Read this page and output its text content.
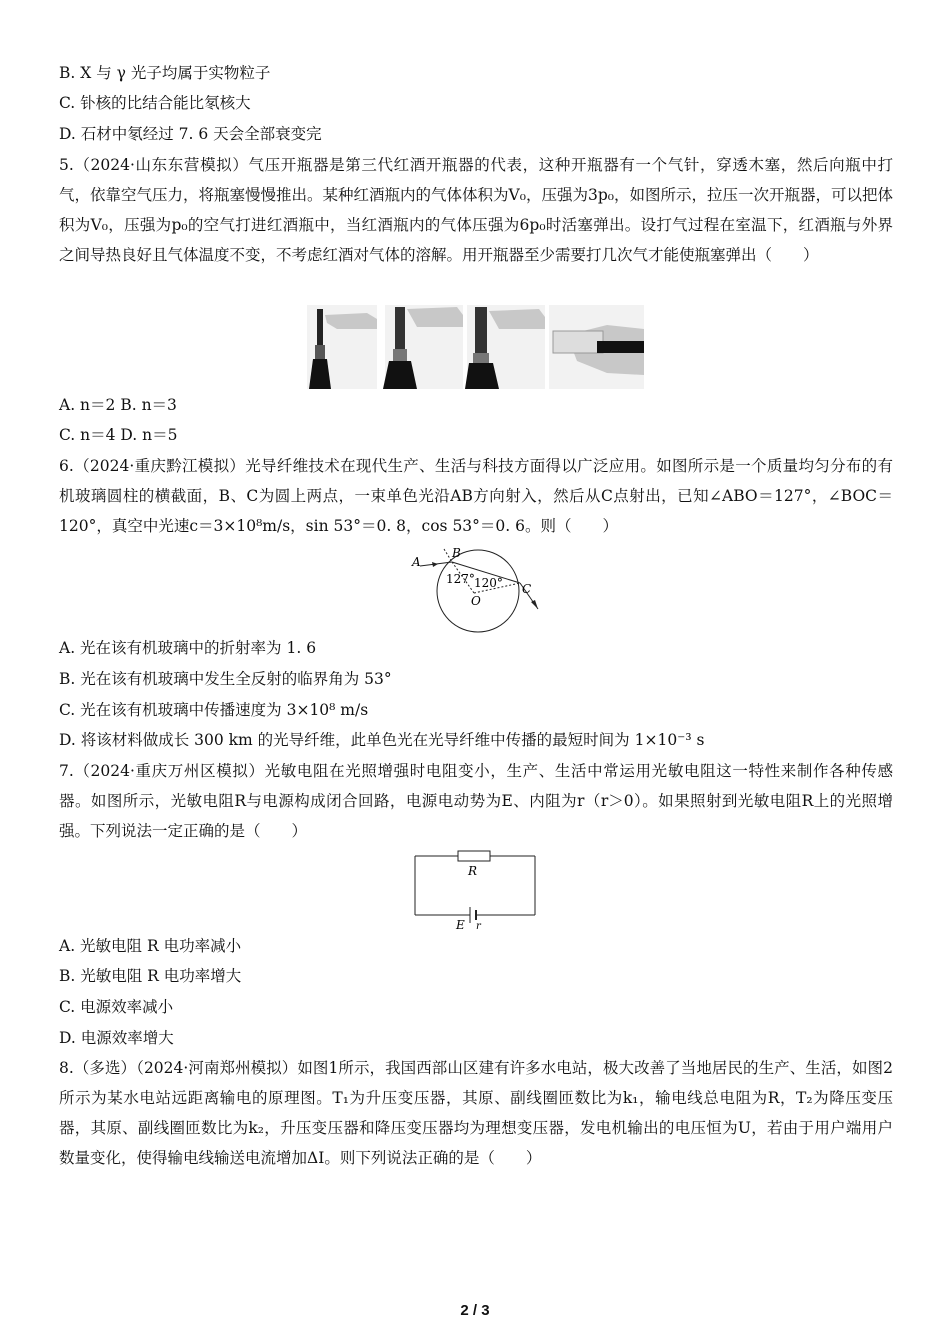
B. X 与 γ 光子均属于实物粒子
C. 钋核的比结合能比氡核大
D. 石材中氡经过 7. 6 天会全部衰变完
5.（2024·山东东营模拟）气压开瓶器是第三代红酒开瓶器的代表，这种开瓶器有一个气针，穿透木塞，然后向瓶中打气，依靠空气压力，将瓶塞慢慢推出。某种红酒瓶内的气体体积为V₀，压强为3p₀，如图所示，拉压一次开瓶器，可以把体积为V₀，压强为p₀的空气打进红酒瓶中，当红酒瓶内的气体压强为6p₀时活塞弹出。设打气过程在室温下，红酒瓶与外界之间导热良好且气体温度不变，不考虑红酒对气体的溶解。用开瓶器至少需要打几次气才能使瓶塞弹出（　　）
A. n＝2 B. n＝3
C. n＝4 D. n＝5
6.（2024·重庆黔江模拟）光导纤维技术在现代生产、生活与科技方面得以广泛应用。如图所示是一个质量均匀分布的有机玻璃圆柱的横截面，B、C为圆上两点，一束单色光沿AB方向射入，然后从C点射出，已知∠ABO＝127°，∠BOC＝120°，真空中光速c＝3×10⁸m/s，sin 53°＝0. 8，cos 53°＝0. 6。则（　　）
A
B
C
O
127° 120°
A. 光在该有机玻璃中的折射率为 1. 6
B. 光在该有机玻璃中发生全反射的临界角为 53°
C. 光在该有机玻璃中传播速度为 3×10⁸ m/s
D. 将该材料做成长 300 km 的光导纤维，此单色光在光导纤维中传播的最短时间为 1×10⁻³ s
7.（2024·重庆万州区模拟）光敏电阻在光照增强时电阻变小，生产、生活中常运用光敏电阻这一特性来制作各种传感器。如图所示，光敏电阻R与电源构成闭合回路，电源电动势为E、内阻为r（r＞0）。如果照射到光敏电阻R上的光照增强。下列说法一定正确的是（　　）
R
E r
A. 光敏电阻 R 电功率减小
B. 光敏电阻 R 电功率增大
C. 电源效率减小
D. 电源效率增大
8.（多选）（2024·河南郑州模拟）如图1所示，我国西部山区建有许多水电站，极大改善了当地居民的生产、生活，如图2所示为某水电站远距离输电的原理图。T₁为升压变压器，其原、副线圈匝数比为k₁，输电线总电阻为R，T₂为降压变压器，其原、副线圈匝数比为k₂，升压变压器和降压变压器均为理想变压器，发电机输出的电压恒为U，若由于用户端用户数量变化，使得输电线输送电流增加ΔI。则下列说法正确的是（　　）
2 / 3
